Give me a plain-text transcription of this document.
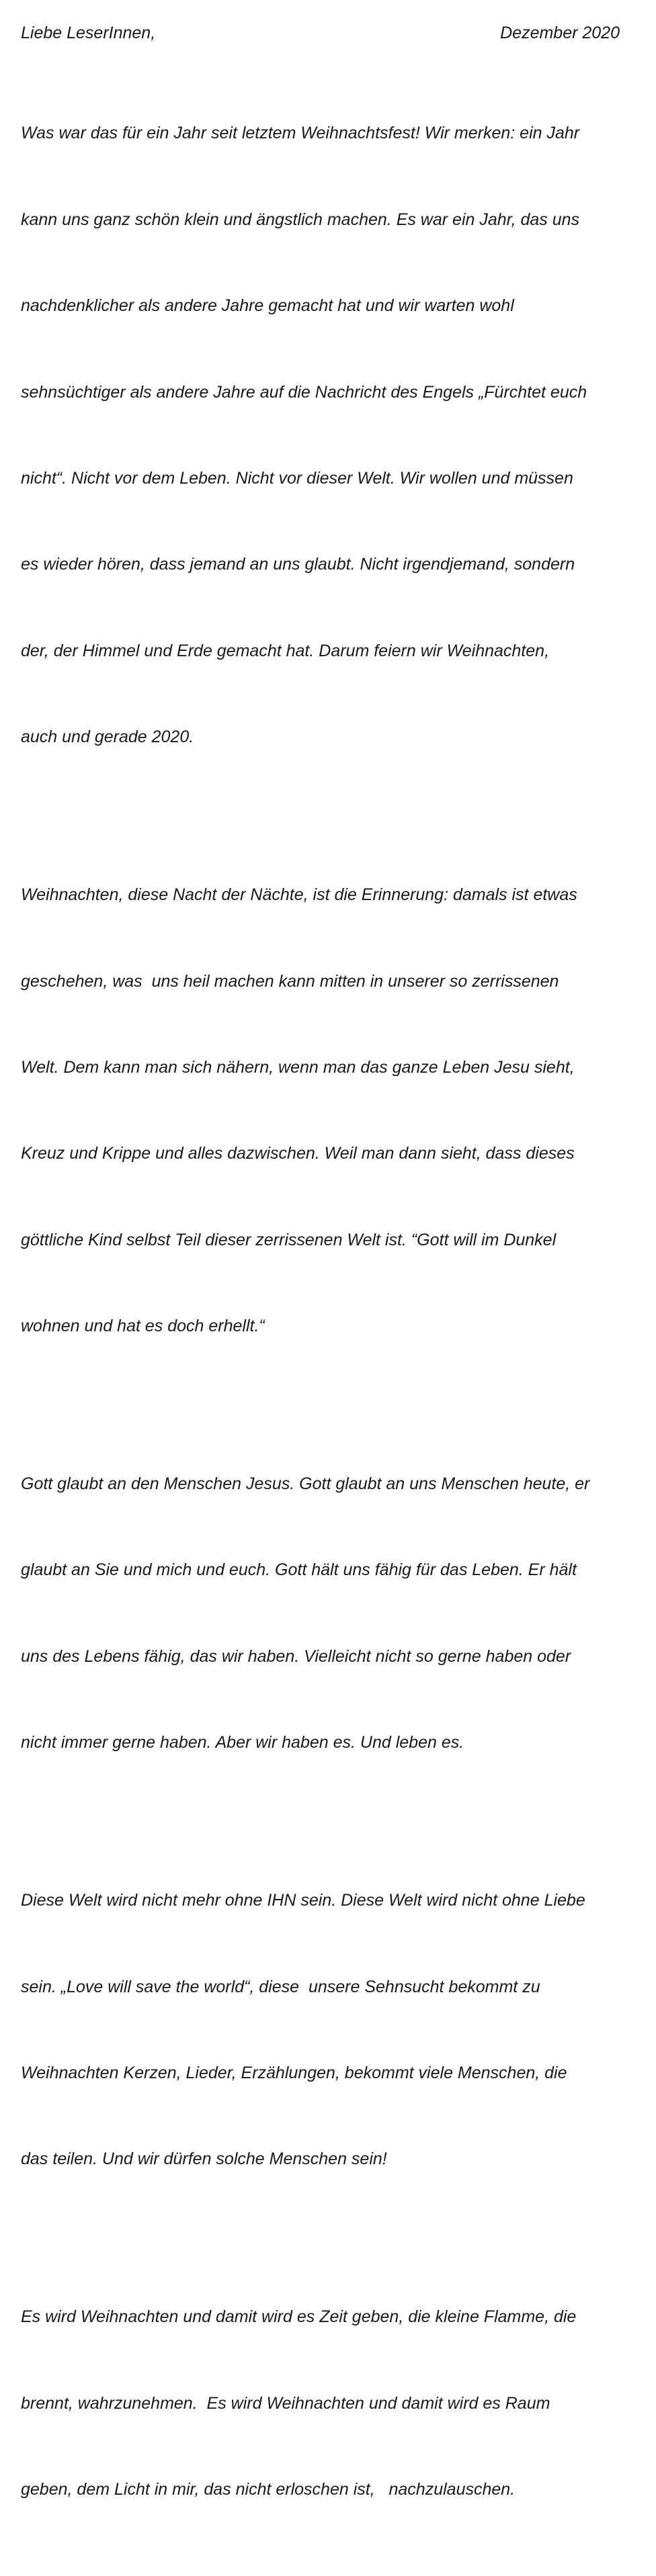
Liebe LeserInnen,	Dezember 2020

Was war das für ein Jahr seit letztem Weihnachtsfest! Wir merken: ein Jahr

kann uns ganz schön klein und ängstlich machen. Es war ein Jahr, das uns

nachdenklicher als andere Jahre gemacht hat und wir warten wohl

sehnsüchtiger als andere Jahre auf die Nachricht des Engels „Fürchtet euch

nicht“. Nicht vor dem Leben. Nicht vor dieser Welt. Wir wollen und müssen

es wieder hören, dass jemand an uns glaubt. Nicht irgendjemand, sondern

der, der Himmel und Erde gemacht hat. Darum feiern wir Weihnachten,

auch und gerade 2020.

Weihnachten, diese Nacht der Nächte, ist die Erinnerung: damals ist etwas

geschehen, was  uns heil machen kann mitten in unserer so zerrissenen

Welt. Dem kann man sich nähern, wenn man das ganze Leben Jesu sieht,

Kreuz und Krippe und alles dazwischen. Weil man dann sieht, dass dieses

göttliche Kind selbst Teil dieser zerrissenen Welt ist. “Gott will im Dunkel

wohnen und hat es doch erhellt.“

Gott glaubt an den Menschen Jesus. Gott glaubt an uns Menschen heute, er

glaubt an Sie und mich und euch. Gott hält uns fähig für das Leben. Er hält

uns des Lebens fähig, das wir haben. Vielleicht nicht so gerne haben oder

nicht immer gerne haben. Aber wir haben es. Und leben es.

Diese Welt wird nicht mehr ohne IHN sein. Diese Welt wird nicht ohne Liebe

sein. „Love will save the world“, diese  unsere Sehnsucht bekommt zu

Weihnachten Kerzen, Lieder, Erzählungen, bekommt viele Menschen, die

das teilen. Und wir dürfen solche Menschen sein!

Es wird Weihnachten und damit wird es Zeit geben, die kleine Flamme, die

brennt, wahrzunehmen.  Es wird Weihnachten und damit wird es Raum

geben, dem Licht in mir, das nicht erloschen ist,   nachzulauschen.
